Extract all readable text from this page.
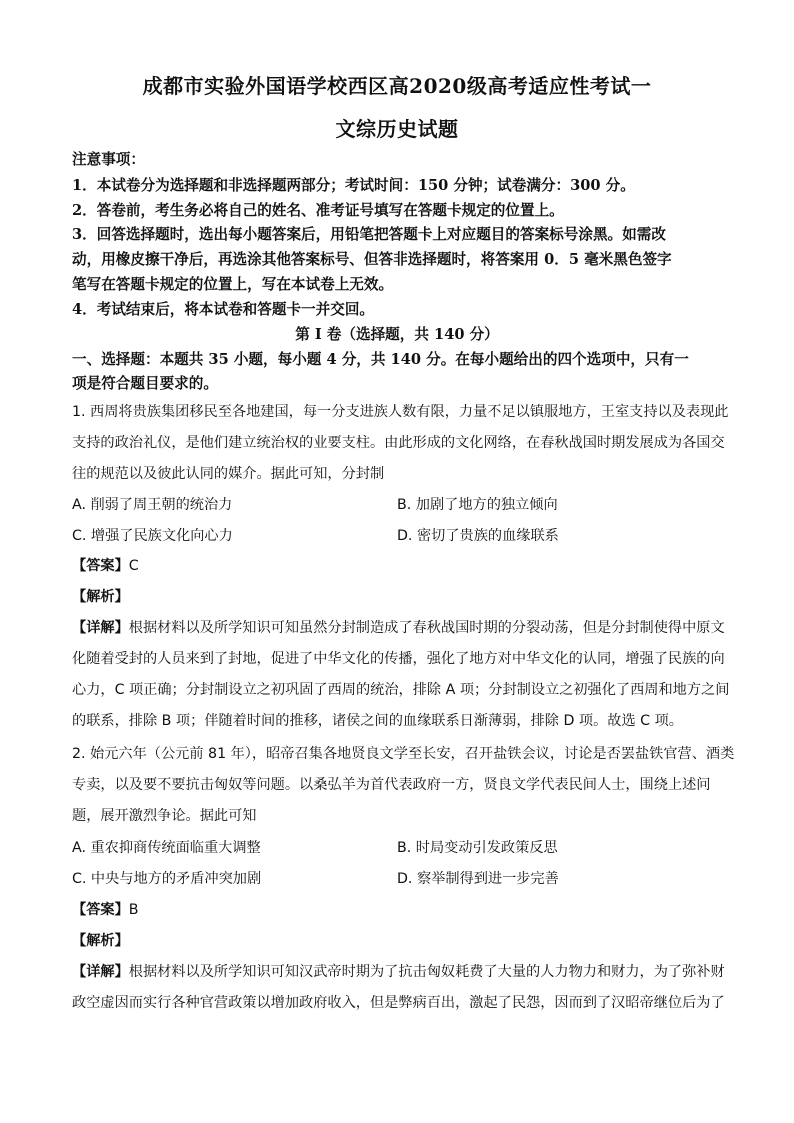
成都市实验外国语学校西区高2020级高考适应性考试一
文综历史试题
注意事项：
1．本试卷分为选择题和非选择题两部分；考试时间：150 分钟；试卷满分：300 分。
2．答卷前，考生务必将自己的姓名、准考证号填写在答题卡规定的位置上。
3．回答选择题时，选出每小题答案后，用铅笔把答题卡上对应题目的答案标号涂黑。如需改
动，用橡皮擦干净后，再选涂其他答案标号、但答非选择题时，将答案用 0．5 毫米黑色签字
笔写在答题卡规定的位置上，写在本试卷上无效。
4．考试结束后，将本试卷和答题卡一并交回。
第 Ⅰ 卷（选择题，共 140 分）
一、选择题：本题共 35 小题，每小题 4 分，共 140 分。在每小题给出的四个选项中，只有一
项是符合题目要求的。
1. 西周将贵族集团移民至各地建国，每一分支进族人数有限，力量不足以镇服地方，王室支持以及表现此
支持的政治礼仪，是他们建立统治权的业要支柱。由此形成的文化网络，在春秋战国时期发展成为各国交
往的规范以及彼此认同的媒介。据此可知，分封制
A. 削弱了周王朝的统治力	B. 加剧了地方的独立倾向
C. 增强了民族文化向心力	D. 密切了贵族的血缘联系
【答案】C
【解析】
【详解】根据材料以及所学知识可知虽然分封制造成了春秋战国时期的分裂动荡，但是分封制使得中原文
化随着受封的人员来到了封地，促进了中华文化的传播，强化了地方对中华文化的认同，增强了民族的向
心力，C 项正确；分封制设立之初巩固了西周的统治，排除 A 项；分封制设立之初强化了西周和地方之间
的联系，排除 B 项；伴随着时间的推移，诸侯之间的血缘联系日渐薄弱，排除 D 项。故选 C 项。
2. 始元六年（公元前 81 年），昭帝召集各地贤良文学至长安，召开盐铁会议，讨论是否罢盐铁官营、酒类
专卖，以及要不要抗击匈奴等问题。以桑弘羊为首代表政府一方，贤良文学代表民间人士，围绕上述问
题，展开激烈争论。据此可知
A. 重农抑商传统面临重大调整	B. 时局变动引发政策反思
C. 中央与地方的矛盾冲突加剧	D. 察举制得到进一步完善
【答案】B
【解析】
【详解】根据材料以及所学知识可知汉武帝时期为了抗击匈奴耗费了大量的人力物力和财力，为了弥补财
政空虚因而实行各种官营政策以增加政府收入，但是弊病百出，激起了民怨，因而到了汉昭帝继位后为了
